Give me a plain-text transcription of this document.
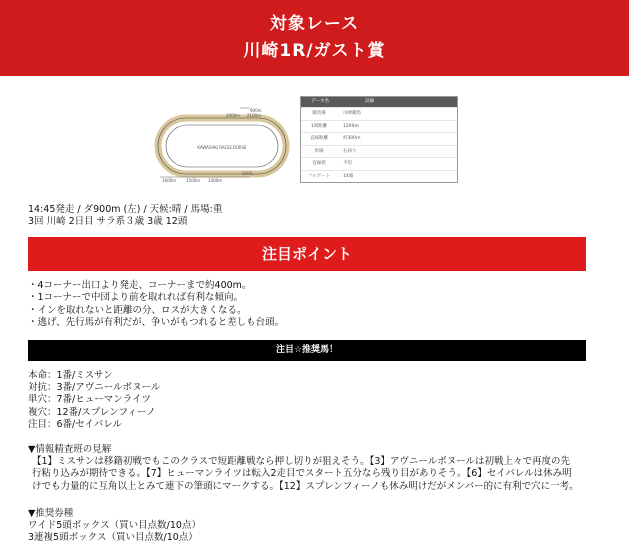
対象レース
川崎1R/ガスト賞
KAWASAKI RACECOURSE
900m
2000m 2100m
1600m 1500m 1400m
GOAL
データ名	詳細
競馬場	川崎競馬
1周距離	1200m
直線距離	約300m
馬場	右回り
直線坂	平坦
フルゲート	14頭
14:45発走 / ダ900m (左) / 天候:晴 / 馬場:重
3回 川崎 2日目 サラ系３歳 3歳 12頭
注目ポイント
・4コーナー出口より発走、コーナーまで約400m。
・1コーナーで中団より前を取れれば有利な傾向。
・インを取れないと距離の分、ロスが大きくなる。
・逃げ、先行馬が有利だが、争いがもつれると差しも台頭。
注目☆推奨馬！
本命：1番/ミスサン
対抗：3番/アヴニールボヌール
単穴：7番/ヒューマンライツ
複穴：12番/スプレンフィーノ
注目：6番/セイバレル
▼情報精査班の見解
【1】ミスサンは移籍初戦でもこのクラスで短距離戦なら押し切りが狙えそう。【3】アヴニールボヌールは初戦上々で再度の先
行粘り込みが期待できる。【7】ヒューマンライツは転入2走目でスタート五分なら残り目がありそう。【6】セイバレルは休み明
けでも力量的に互角以上とみて連下の筆頭にマークする。【12】スプレンフィーノも休み明けだがメンバー的に有利で穴に一考。
▼推奨券種
ワイド5頭ボックス（買い目点数/10点）
3連複5頭ボックス（買い目点数/10点）
